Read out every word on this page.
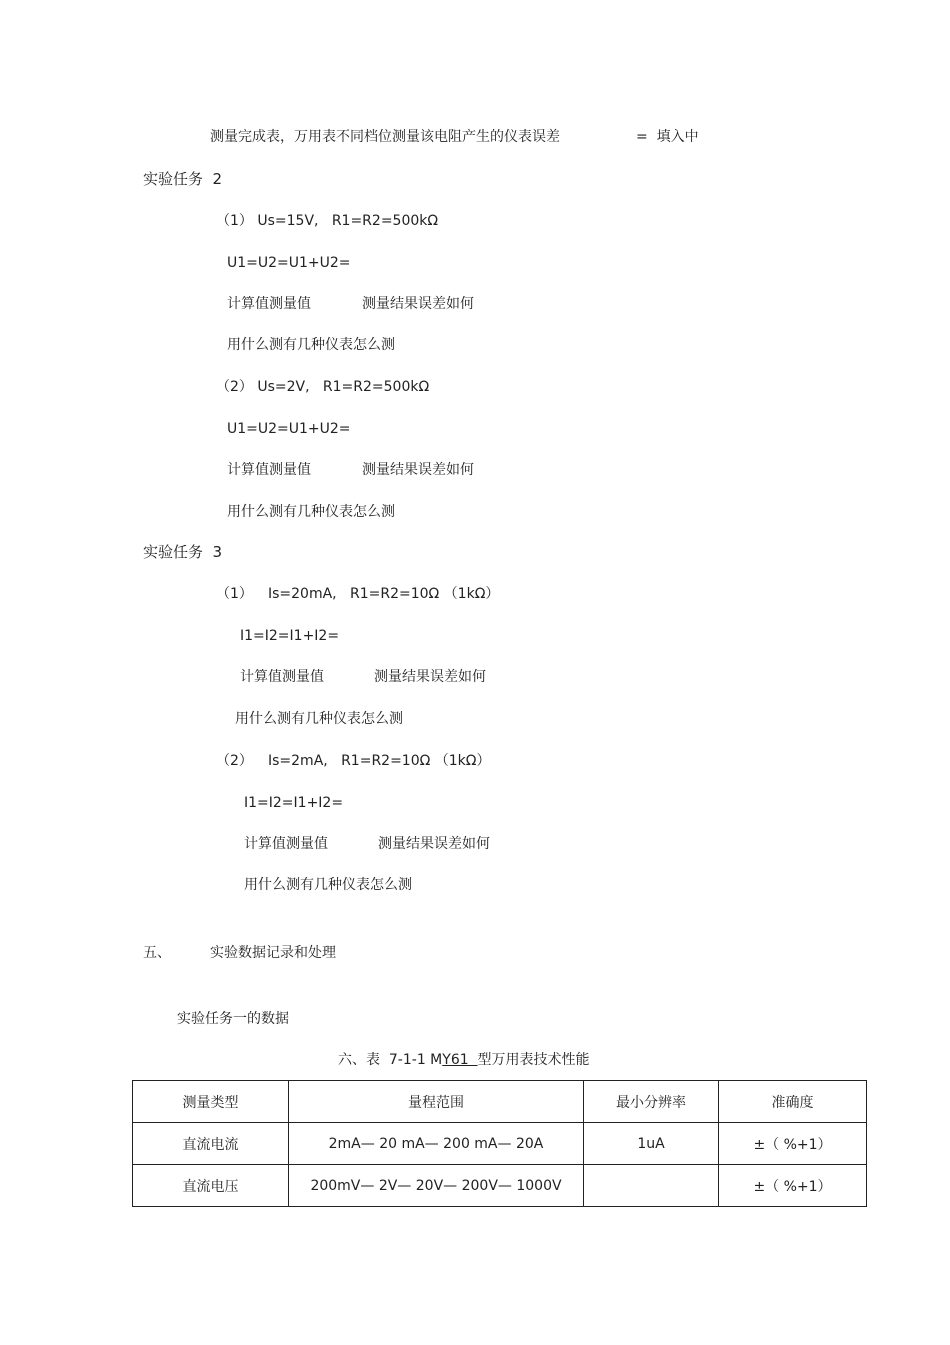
测量完成表，万用表不同档位测量该电阻产生的仪表误差	=  填入中
实验任务  2
（1） Us=15V,   R1=R2=500kΩ
U1=U2=U1+U2=
计算值测量值	测量结果误差如何
用什么测有几种仪表怎么测
（2） Us=2V,   R1=R2=500kΩ
U1=U2=U1+U2=
计算值测量值	测量结果误差如何
用什么测有几种仪表怎么测
实验任务  3
（1） Is=20mA,   R1=R2=10Ω （1kΩ）
I1=I2=I1+I2=
计算值测量值	测量结果误差如何
用什么测有几种仪表怎么测
（2） Is=2mA,   R1=R2=10Ω （1kΩ）
I1=I2=I1+I2=
计算值测量值	测量结果误差如何
用什么测有几种仪表怎么测
五、	实验数据记录和处理
实验任务一的数据
六、表  7-1-1 MY61  型万用表技术性能
测量类型	量程范围	最小分辨率	准确度
直流电流	2mA— 20 mA— 200 mA— 20A	1uA	±（ %+1）
直流电压	200mV— 2V— 20V— 200V— 1000V		±（ %+1）
